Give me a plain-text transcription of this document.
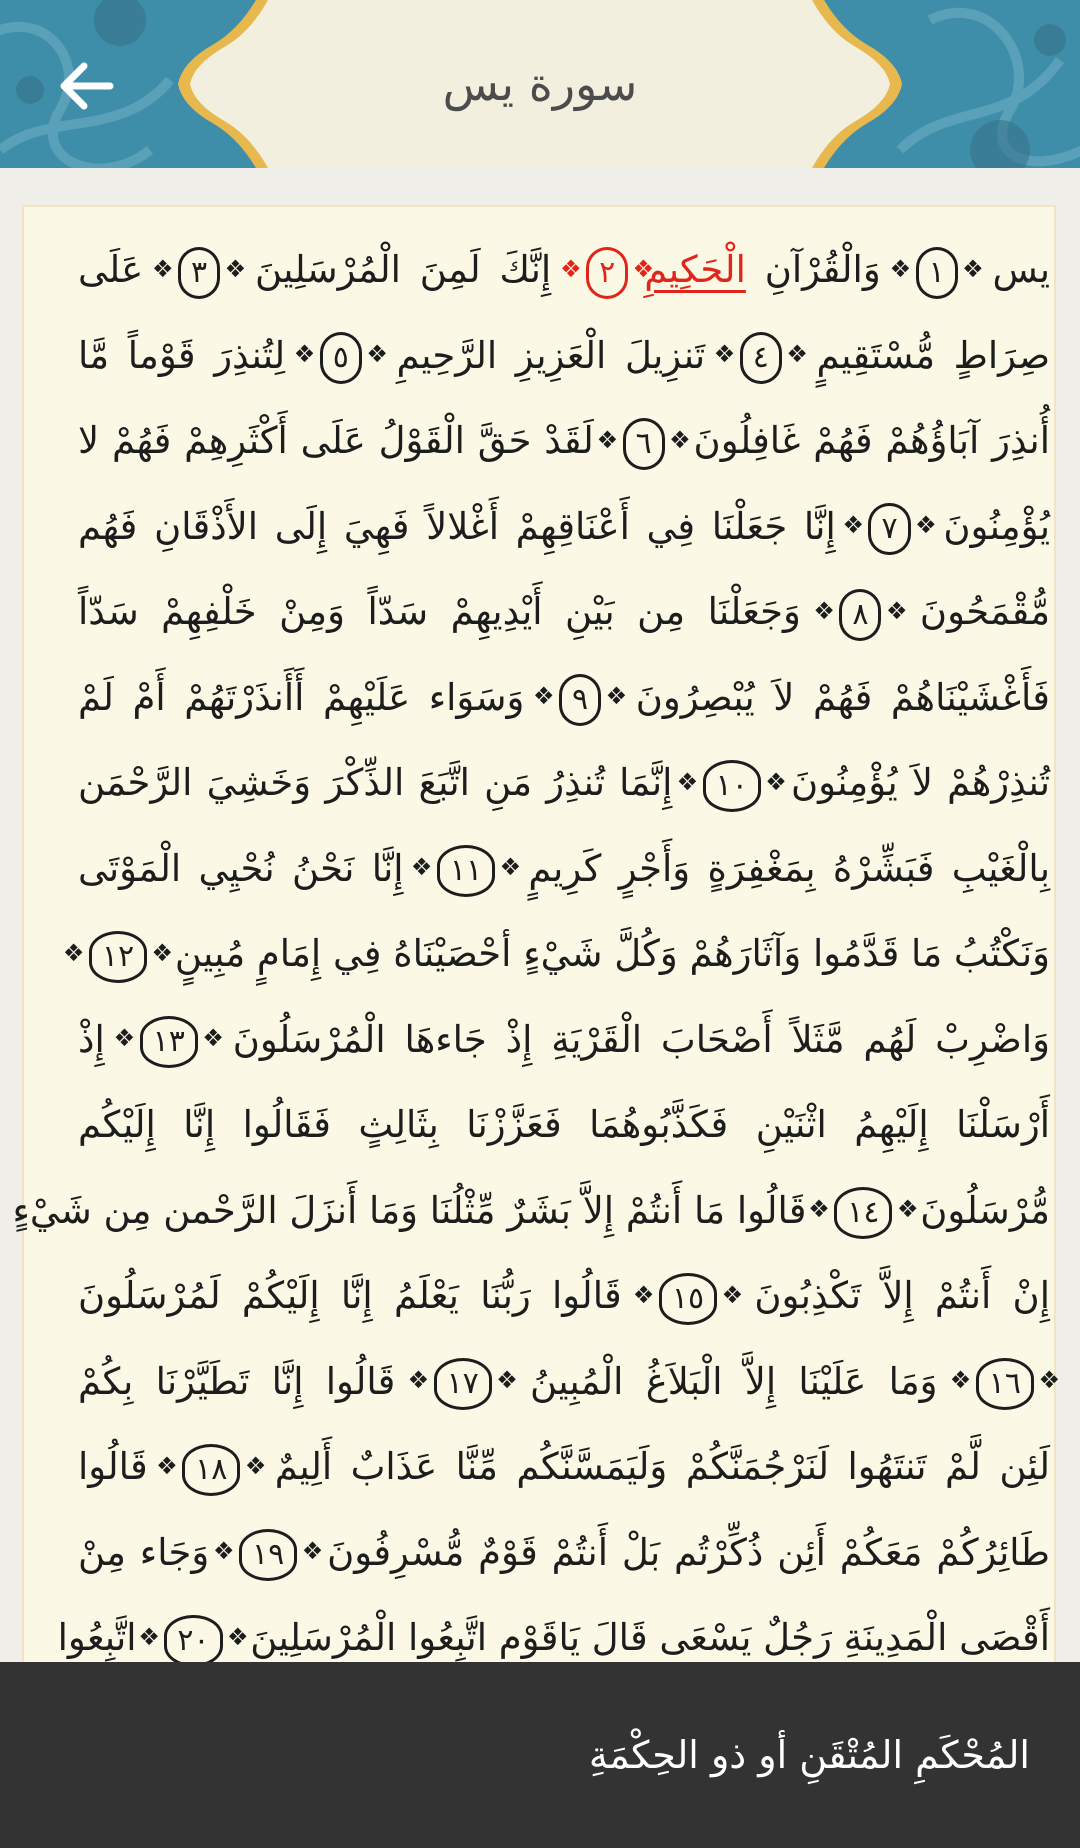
سورة يس
يس ❖ ١ ❖ وَالْقُرْآنِ الْحَكِيمِ❖ ٢ ❖ إِنَّكَ لَمِنَ الْمُرْسَلِينَ ❖ ٣ ❖ عَلَى
صِرَاطٍ مُّسْتَقِيمٍ ❖ ٤ ❖ تَنزِيلَ الْعَزِيزِ الرَّحِيمِ ❖ ٥ ❖ لِتُنذِرَ قَوْماً مَّا
أُنذِرَ آبَاؤُهُمْ فَهُمْ غَافِلُونَ ❖ ٦ ❖ لَقَدْ حَقَّ الْقَوْلُ عَلَى أَكْثَرِهِمْ فَهُمْ لا
يُؤْمِنُونَ ❖ ٧ ❖ إِنَّا جَعَلْنَا فِي أَعْنَاقِهِمْ أَغْلالاً فَهِيَ إِلَى الأَذْقَانِ فَهُم
مُّقْمَحُونَ ❖ ٨ ❖ وَجَعَلْنَا مِن بَيْنِ أَيْدِيهِمْ سَدّاً وَمِنْ خَلْفِهِمْ سَدّاً
فَأَغْشَيْنَاهُمْ فَهُمْ لاَ يُبْصِرُونَ ❖ ٩ ❖ وَسَوَاء عَلَيْهِمْ أَأَنذَرْتَهُمْ أَمْ لَمْ
تُنذِرْهُمْ لاَ يُؤْمِنُونَ ❖ ١٠ ❖ إِنَّمَا تُنذِرُ مَنِ اتَّبَعَ الذِّكْرَ وَخَشِيَ الرَّحْمَن
بِالْغَيْبِ فَبَشِّرْهُ بِمَغْفِرَةٍ وَأَجْرٍ كَرِيمٍ ❖ ١١ ❖ إِنَّا نَحْنُ نُحْيِي الْمَوْتَى
وَنَكْتُبُ مَا قَدَّمُوا وَآثَارَهُمْ وَكُلَّ شَيْءٍ أحْصَيْنَاهُ فِي إِمَامٍ مُبِينٍ ❖ ١٢ ❖
وَاضْرِبْ لَهُم مَّثَلاً أَصْحَابَ الْقَرْيَةِ إِذْ جَاءهَا الْمُرْسَلُونَ ❖ ١٣ ❖ إِذْ
أَرْسَلْنَا إِلَيْهِمُ اثْنَيْنِ فَكَذَّبُوهُمَا فَعَزَّزْنَا بِثَالِثٍ فَقَالُوا إِنَّا إِلَيْكُم
مُّرْسَلُونَ ❖ ١٤ ❖ قَالُوا مَا أَنتُمْ إِلاَّ بَشَرٌ مِّثْلُنَا وَمَا أَنزَلَ الرَّحْمن مِن شَيْءٍ
إِنْ أَنتُمْ إِلاَّ تَكْذِبُونَ ❖ ١٥ ❖ قَالُوا رَبُّنَا يَعْلَمُ إِنَّا إِلَيْكُمْ لَمُرْسَلُونَ
❖ ١٦ ❖ وَمَا عَلَيْنَا إِلاَّ الْبَلاَغُ الْمُبِينُ ❖ ١٧ ❖ قَالُوا إِنَّا تَطَيَّرْنَا بِكُمْ
لَئِن لَّمْ تَنتَهُوا لَنَرْجُمَنَّكُمْ وَلَيَمَسَّنَّكُم مِّنَّا عَذَابٌ أَلِيمٌ ❖ ١٨ ❖ قَالُوا
طَائِرُكُمْ مَعَكُمْ أَئِن ذُكِّرْتُم بَلْ أَنتُمْ قَوْمٌ مُّسْرِفُونَ ❖ ١٩ ❖ وَجَاء مِنْ
أَقْصَى الْمَدِينَةِ رَجُلٌ يَسْعَى قَالَ يَاقَوْمِ اتَّبِعُوا الْمُرْسَلِينَ ❖ ٢٠ ❖ اتَّبِعُوا
المُحْكَمِ المُتْقَنِ أو ذو الحِكْمَةِ
